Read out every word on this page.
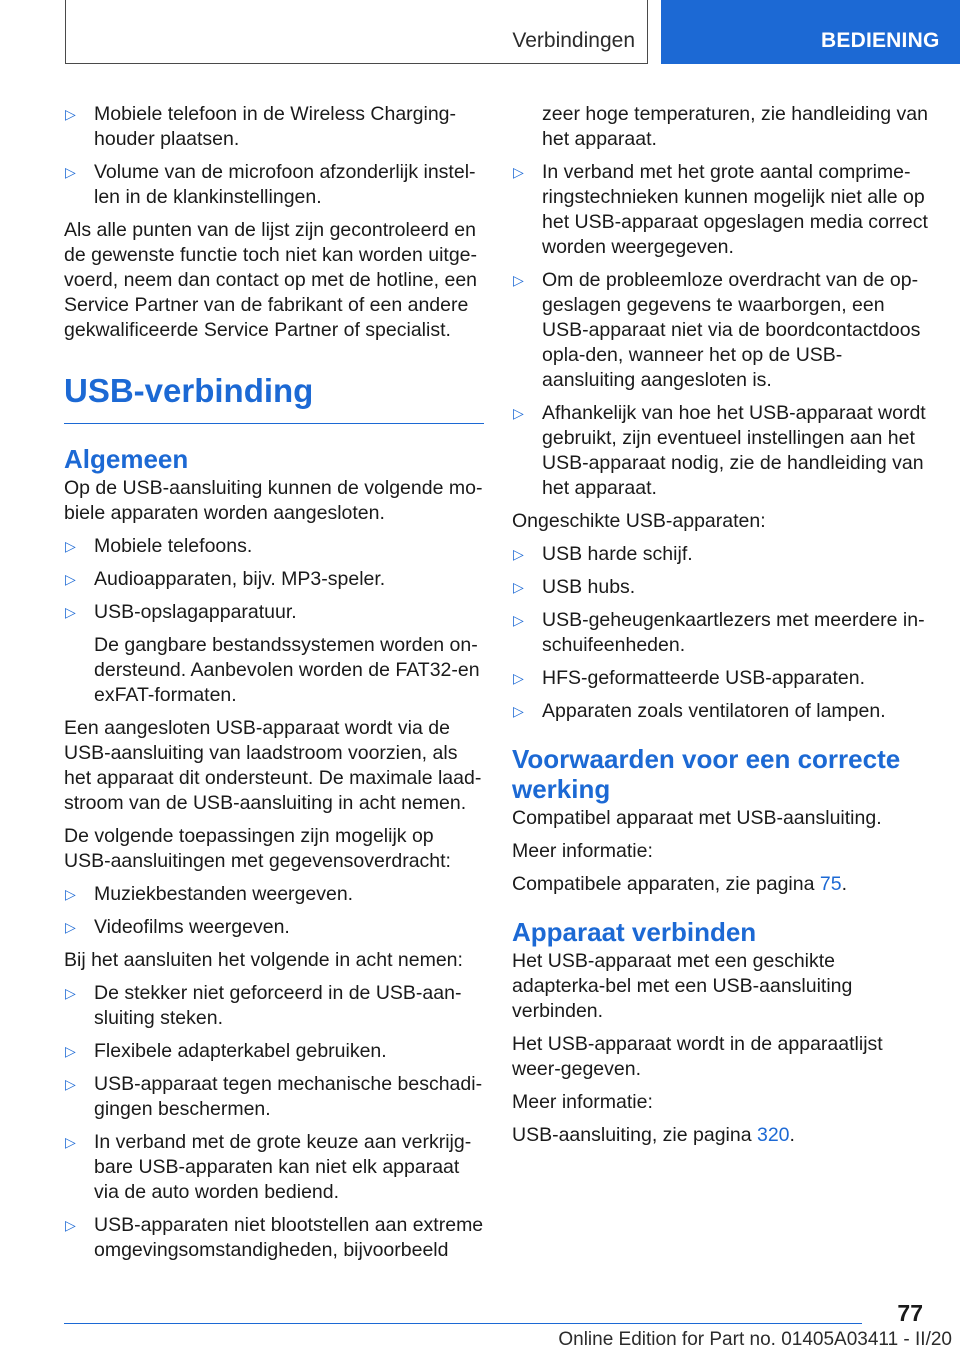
Verbindingen	BEDIENING

▷ Mobiele telefoon in de Wireless Charging-houder plaatsen.

▷ Volume van de microfoon afzonderlijk instel-len in de klankinstellingen.

Als alle punten van de lijst zijn gecontroleerd en de gewenste functie toch niet kan worden uitge-voerd, neem dan contact op met de hotline, een Service Partner van de fabrikant of een andere gekwalificeerde Service Partner of specialist.

USB-verbinding
Algemeen

Op de USB-aansluiting kunnen de volgende mo-biele apparaten worden aangesloten.

▷ Mobiele telefoons.

▷ Audioapparaten, bijv. MP3-speler.

▷ USB-opslagapparatuur.

De gangbare bestandssystemen worden on-dersteund. Aanbevolen worden de FAT32-en exFAT-formaten.

Een aangesloten USB-apparaat wordt via de USB-aansluiting van laadstroom voorzien, als het apparaat dit ondersteunt. De maximale laad-stroom van de USB-aansluiting in acht nemen.

De volgende toepassingen zijn mogelijk op USB-aansluitingen met gegevensoverdracht:

▷ Muziekbestanden weergeven.

▷ Videofilms weergeven.

Bij het aansluiten het volgende in acht nemen:

▷ De stekker niet geforceerd in de USB-aan-sluiting steken.

▷ Flexibele adapterkabel gebruiken.

▷ USB-apparaat tegen mechanische beschadi-gingen beschermen.

▷ In verband met de grote keuze aan verkrijg-bare USB-apparaten kan niet elk apparaat via de auto worden bediend.

▷ USB-apparaten niet blootstellen aan extreme omgevingsomstandigheden, bijvoorbeeld

zeer hoge temperaturen, zie handleiding van het apparaat.

▷ In verband met het grote aantal comprime-ringstechnieken kunnen mogelijk niet alle op het USB-apparaat opgeslagen media correct worden weergegeven.

▷ Om de probleemloze overdracht van de op-geslagen gegevens te waarborgen, een USB-apparaat niet via de boordcontactdoos opla-den, wanneer het op de USB-aansluiting aangesloten is.

▷ Afhankelijk van hoe het USB-apparaat wordt gebruikt, zijn eventueel instellingen aan het USB-apparaat nodig, zie de handleiding van het apparaat.

Ongeschikte USB-apparaten:

▷ USB harde schijf.

▷ USB hubs.

▷ USB-geheugenkaartlezers met meerdere in-schuifeenheden.

▷ HFS-geformatteerde USB-apparaten.

▷ Apparaten zoals ventilatoren of lampen.

Voorwaarden voor een correcte werking

Compatibel apparaat met USB-aansluiting.

Meer informatie:

Compatibele apparaten, zie pagina 75.

Apparaat verbinden

Het USB-apparaat met een geschikte adapterka-bel met een USB-aansluiting verbinden.

Het USB-apparaat wordt in de apparaatlijst weer-gegeven.

Meer informatie:

USB-aansluiting, zie pagina 320.

77
Online Edition for Part no. 01405A03411 - II/20
